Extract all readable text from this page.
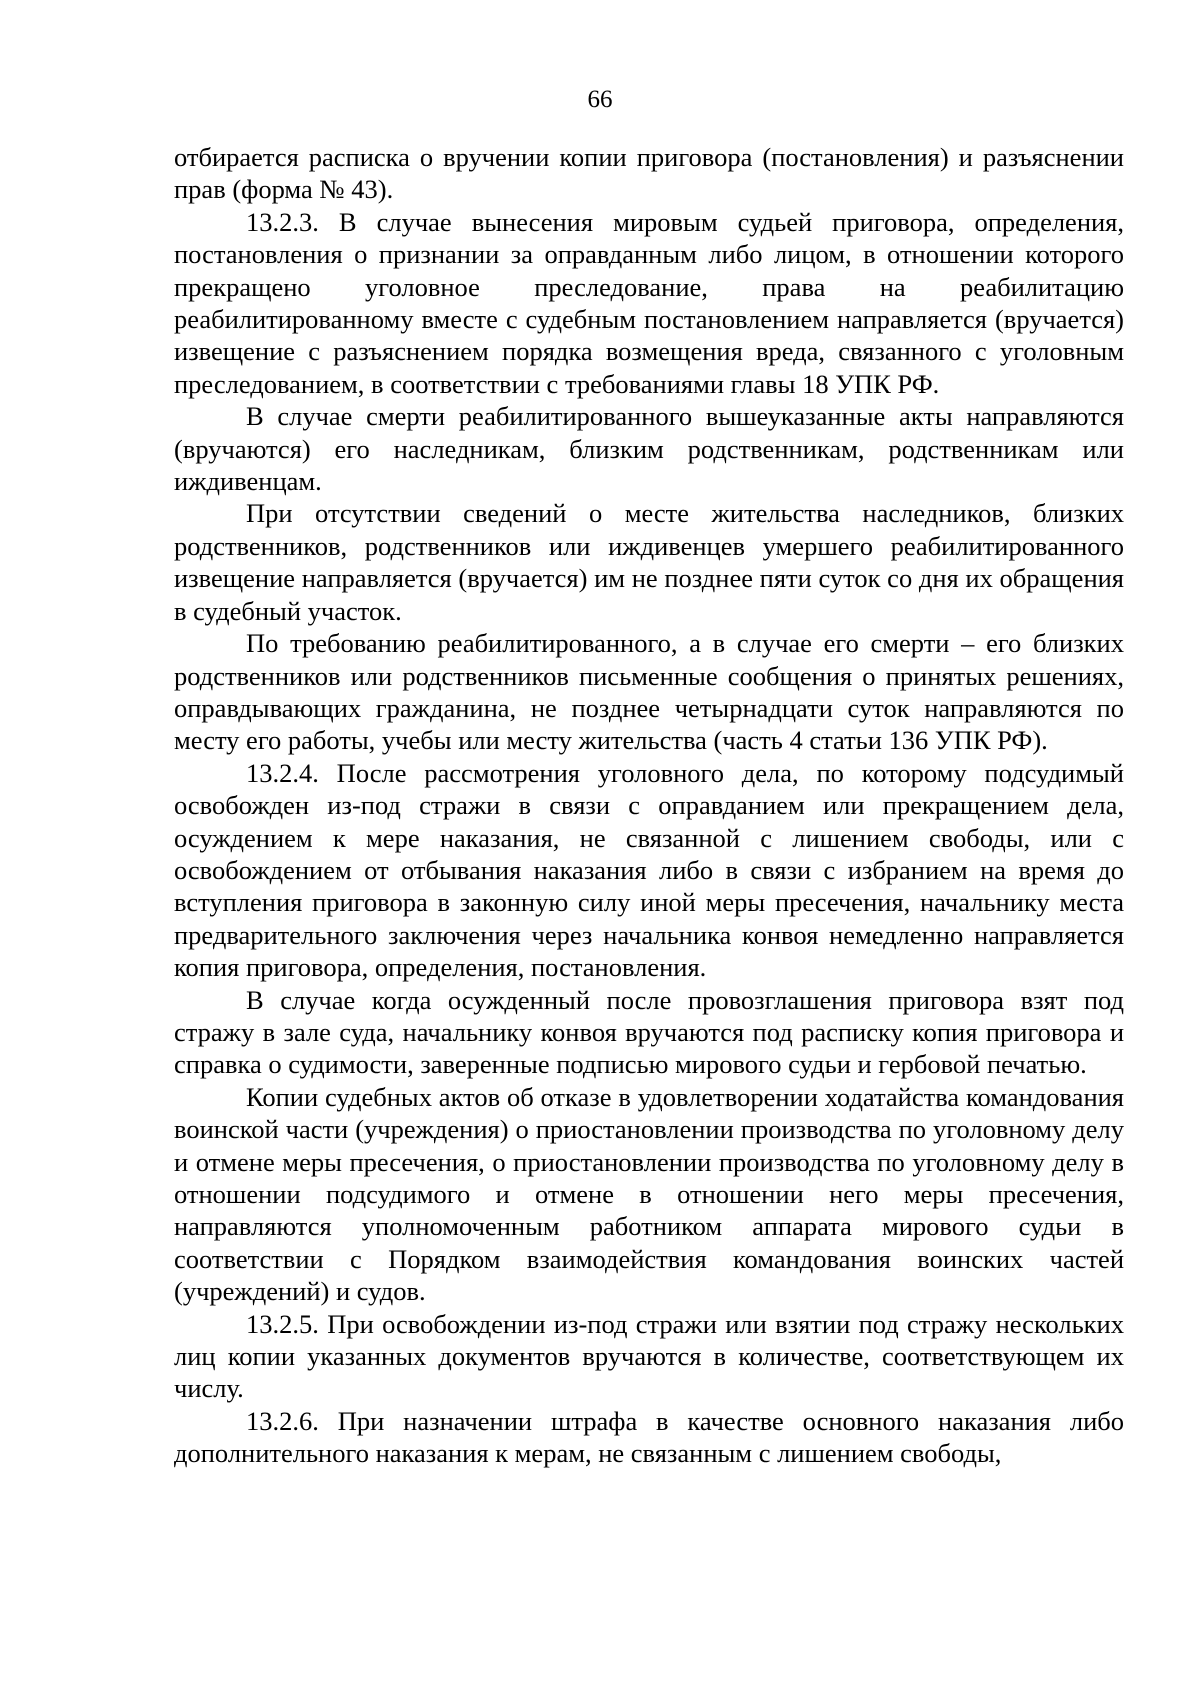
66

отбирается расписка о вручении копии приговора (постановления) и разъяснении прав (форма № 43).

13.2.3. В случае вынесения мировым судьей приговора, определения, постановления о признании за оправданным либо лицом, в отношении которого прекращено уголовное преследование, права на реабилитацию реабилитированному вместе с судебным постановлением направляется (вручается) извещение с разъяснением порядка возмещения вреда, связанного с уголовным преследованием, в соответствии с требованиями главы 18 УПК РФ.

В случае смерти реабилитированного вышеуказанные акты направляются (вручаются) его наследникам, близким родственникам, родственникам или иждивенцам.

При отсутствии сведений о месте жительства наследников, близких родственников, родственников или иждивенцев умершего реабилитированного извещение направляется (вручается) им не позднее пяти суток со дня их обращения в судебный участок.

По требованию реабилитированного, а в случае его смерти – его близких родственников или родственников письменные сообщения о принятых решениях, оправдывающих гражданина, не позднее четырнадцати суток направляются по месту его работы, учебы или месту жительства (часть 4 статьи 136 УПК РФ).

13.2.4. После рассмотрения уголовного дела, по которому подсудимый освобожден из-под стражи в связи с оправданием или прекращением дела, осуждением к мере наказания, не связанной с лишением свободы, или с освобождением от отбывания наказания либо в связи с избранием на время до вступления приговора в законную силу иной меры пресечения, начальнику места предварительного заключения через начальника конвоя немедленно направляется копия приговора, определения, постановления.

В случае когда осужденный после провозглашения приговора взят под стражу в зале суда, начальнику конвоя вручаются под расписку копия приговора и справка о судимости, заверенные подписью мирового судьи и гербовой печатью.

Копии судебных актов об отказе в удовлетворении ходатайства командования воинской части (учреждения) о приостановлении производства по уголовному делу и отмене меры пресечения, о приостановлении производства по уголовному делу в отношении подсудимого и отмене в отношении него меры пресечения, направляются уполномоченным работником аппарата мирового судьи в соответствии с Порядком взаимодействия командования воинских частей (учреждений) и судов.

13.2.5. При освобождении из-под стражи или взятии под стражу нескольких лиц копии указанных документов вручаются в количестве, соответствующем их числу.

13.2.6. При назначении штрафа в качестве основного наказания либо дополнительного наказания к мерам, не связанным с лишением свободы,
